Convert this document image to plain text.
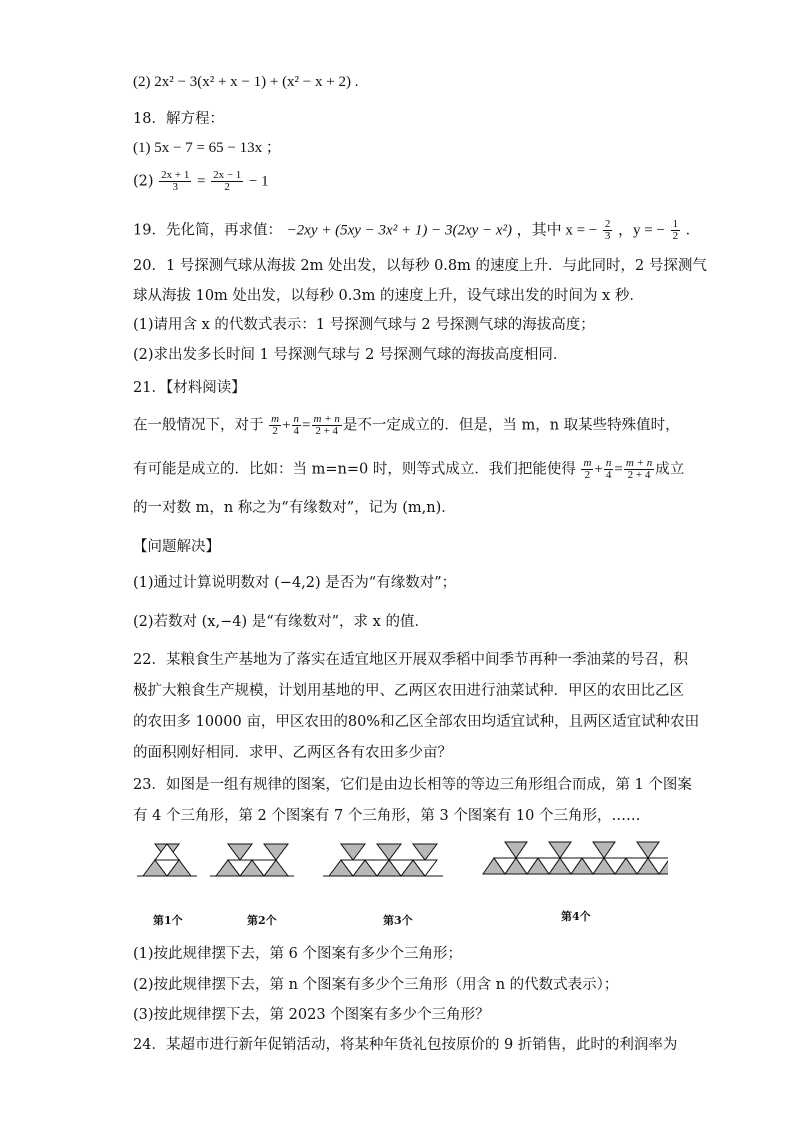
(2) 2x² − 3(x² + x − 1) + (x² − x + 2) .
18．解方程：
(1) 5x − 7 = 65 − 13x ；
$(2) \frac{2x + 1}{3} = \frac{2x - 1}{2} - 1$
19．先化简，再求值： −2xy + (5xy − 3x² + 1) − 3(2xy − x²) ，其中 x = − $\frac{2}{3}$ ，y = − $\frac{1}{2}$ ．
20．1 号探测气球从海拔 2m 处出发，以每秒 0.8m 的速度上升．与此同时，2 号探测气
球从海拔 10m 处出发，以每秒 0.3m 的速度上升，设气球出发的时间为 x 秒．
(1)请用含 x 的代数式表示：1 号探测气球与 2 号探测气球的海拔高度；
(2)求出发多长时间 1 号探测气球与 2 号探测气球的海拔高度相同．
21．【材料阅读】
在一般情况下，对于 $\frac{m}{2} + \frac{n}{4} = \frac{m + n}{2 + 4}$ 是不一定成立的．但是，当 m，n 取某些特殊值时，
有可能是成立的．比如：当 m=n=0 时，则等式成立．我们把能使得 $\frac{m}{2} + \frac{n}{4} = \frac{m + n}{2 + 4}$ 成立
的一对数 m，n 称之为“有缘数对”，记为 (m,n)．
【问题解决】
(1)通过计算说明数对 (−4,2) 是否为“有缘数对”；
(2)若数对 (x,−4) 是“有缘数对”，求 x 的值．
22．某粮食生产基地为了落实在适宜地区开展双季稻中间季节再种一季油菜的号召，积
极扩大粮食生产规模，计划用基地的甲、乙两区农田进行油菜试种．甲区的农田比乙区
的农田多 10000 亩，甲区农田的80%和乙区全部农田均适宜试种，且两区适宜试种农田
的面积刚好相同．求甲、乙两区各有农田多少亩？
23．如图是一组有规律的图案，它们是由边长相等的等边三角形组合而成，第 1 个图案
有 4 个三角形，第 2 个图案有 7 个三角形，第 3 个图案有 10 个三角形，……
第1个	第2个	第3个	第4个
(1)按此规律摆下去，第 6 个图案有多少个三角形；
(2)按此规律摆下去，第 n 个图案有多少个三角形（用含 n 的代数式表示）；
(3)按此规律摆下去，第 2023 个图案有多少个三角形？
24．某超市进行新年促销活动，将某种年货礼包按原价的 9 折销售，此时的利润率为
